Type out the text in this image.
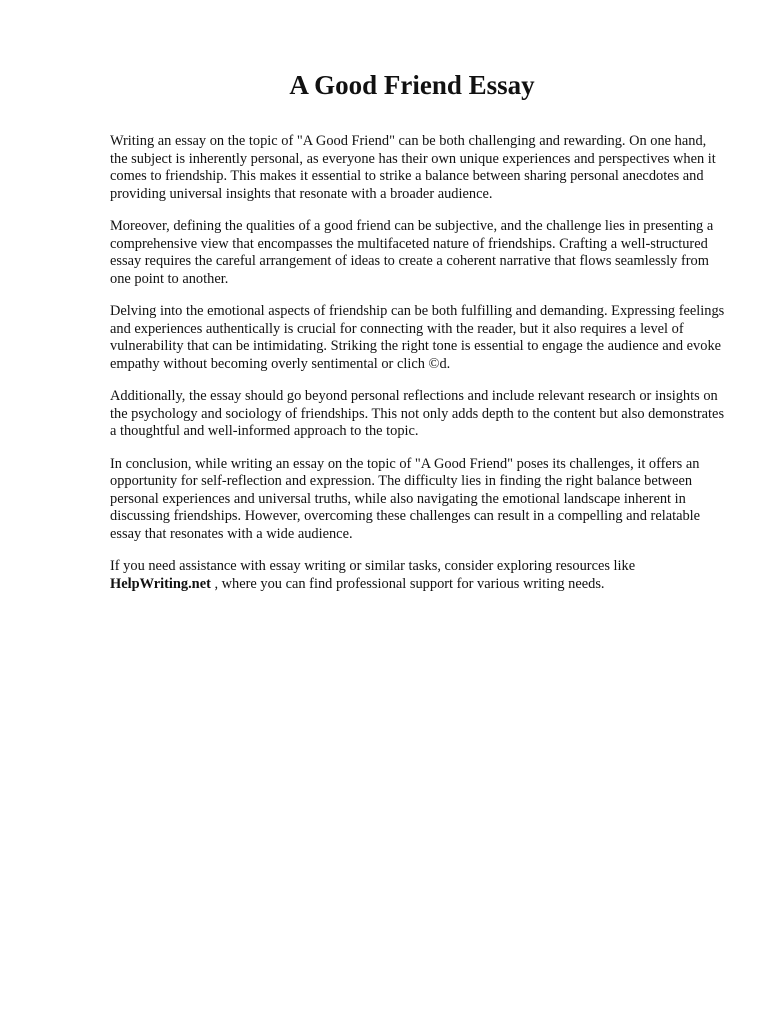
A Good Friend Essay

Writing an essay on the topic of "A Good Friend" can be both challenging and rewarding. On one hand, the subject is inherently personal, as everyone has their own unique experiences and perspectives when it comes to friendship. This makes it essential to strike a balance between sharing personal anecdotes and providing universal insights that resonate with a broader audience.

Moreover, defining the qualities of a good friend can be subjective, and the challenge lies in presenting a comprehensive view that encompasses the multifaceted nature of friendships. Crafting a well-structured essay requires the careful arrangement of ideas to create a coherent narrative that flows seamlessly from one point to another.

Delving into the emotional aspects of friendship can be both fulfilling and demanding. Expressing feelings and experiences authentically is crucial for connecting with the reader, but it also requires a level of vulnerability that can be intimidating. Striking the right tone is essential to engage the audience and evoke empathy without becoming overly sentimental or clich ©d.

Additionally, the essay should go beyond personal reflections and include relevant research or insights on the psychology and sociology of friendships. This not only adds depth to the content but also demonstrates a thoughtful and well-informed approach to the topic.

In conclusion, while writing an essay on the topic of "A Good Friend" poses its challenges, it offers an opportunity for self-reflection and expression. The difficulty lies in finding the right balance between personal experiences and universal truths, while also navigating the emotional landscape inherent in discussing friendships. However, overcoming these challenges can result in a compelling and relatable essay that resonates with a wide audience.

If you need assistance with essay writing or similar tasks, consider exploring resources like HelpWriting.net , where you can find professional support for various writing needs.
